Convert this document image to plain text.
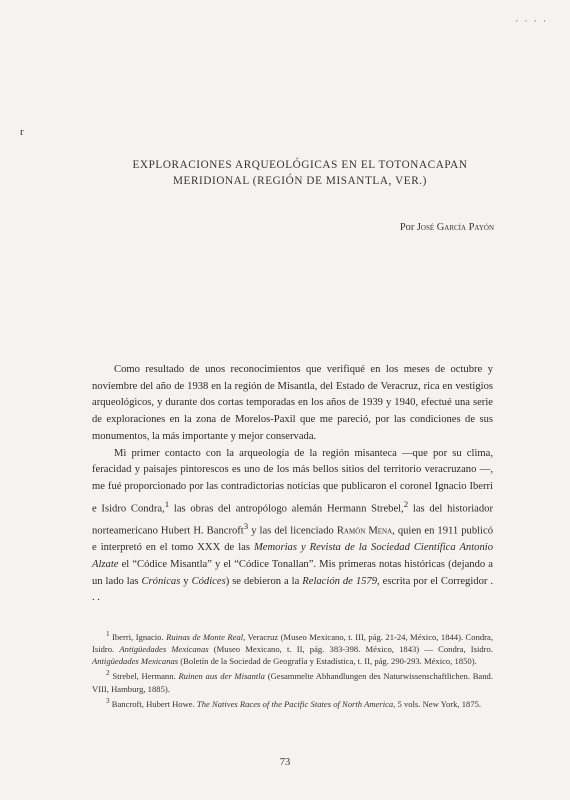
· · · ·
r
EXPLORACIONES ARQUEOLÓGICAS EN EL TOTONACAPAN
MERIDIONAL (REGIÓN DE MISANTLA, VER.)
Por José García Payón

Como resultado de unos reconocimientos que verifiqué en los meses de octubre y noviembre del año de 1938 en la región de Misantla, del Estado de Veracruz, rica en vestigios arqueológicos, y durante dos cortas temporadas en los años de 1939 y 1940, efectué una serie de exploraciones en la zona de Morelos-Paxil que me pareció, por las condiciones de sus monumentos, la más importante y mejor conservada.

Mi primer contacto con la arqueología de la región misanteca —que por su clima, feracidad y paisajes pintorescos es uno de los más bellos sitios del territorio veracruzano —, me fué proporcionado por las contradictorias noticias que publicaron el coronel Ignacio Iberri e Isidro Condra,$^1$ las obras del antropólogo alemán Hermann Strebel,$^2$ las del historiador norteamericano Hubert H. Bancroft$^3$ y las del licenciado Ramón Mena, quien en 1911 publicó e interpretó en el tomo XXX de las Memorias y Revista de la Sociedad Científica Antonio Alzate el “Códice Misantla” y el “Códice Tonallan”. Mis primeras notas históricas (dejando a un lado las Crónicas y Códices) se debieron a la Relación de 1579, escrita por el Corregidor . . .

$^1$ Iberri, Ignacio. Ruinas de Monte Real, Veracruz (Museo Mexicano, t. III, pág. 21-24, México, 1844). Condra, Isidro. Antigüedades Mexicanas (Museo Mexicano, t. II, pág. 383-398. México, 1843) — Condra, Isidro. Antigüedades Mexicanas (Boletín de la Sociedad de Geografía y Estadística, t. II, pág. 290-293. México, 1850).

$^2$ Strebel, Hermann. Ruinen aus der Misantla (Gesammelte Abhandlungen des Naturwissenschaftlichen. Band. VIII, Hamburg, 1885).

$^3$ Bancroft, Hubert Howe. The Natives Races of the Pacific States of North America, 5 vols. New York, 1875.

73
